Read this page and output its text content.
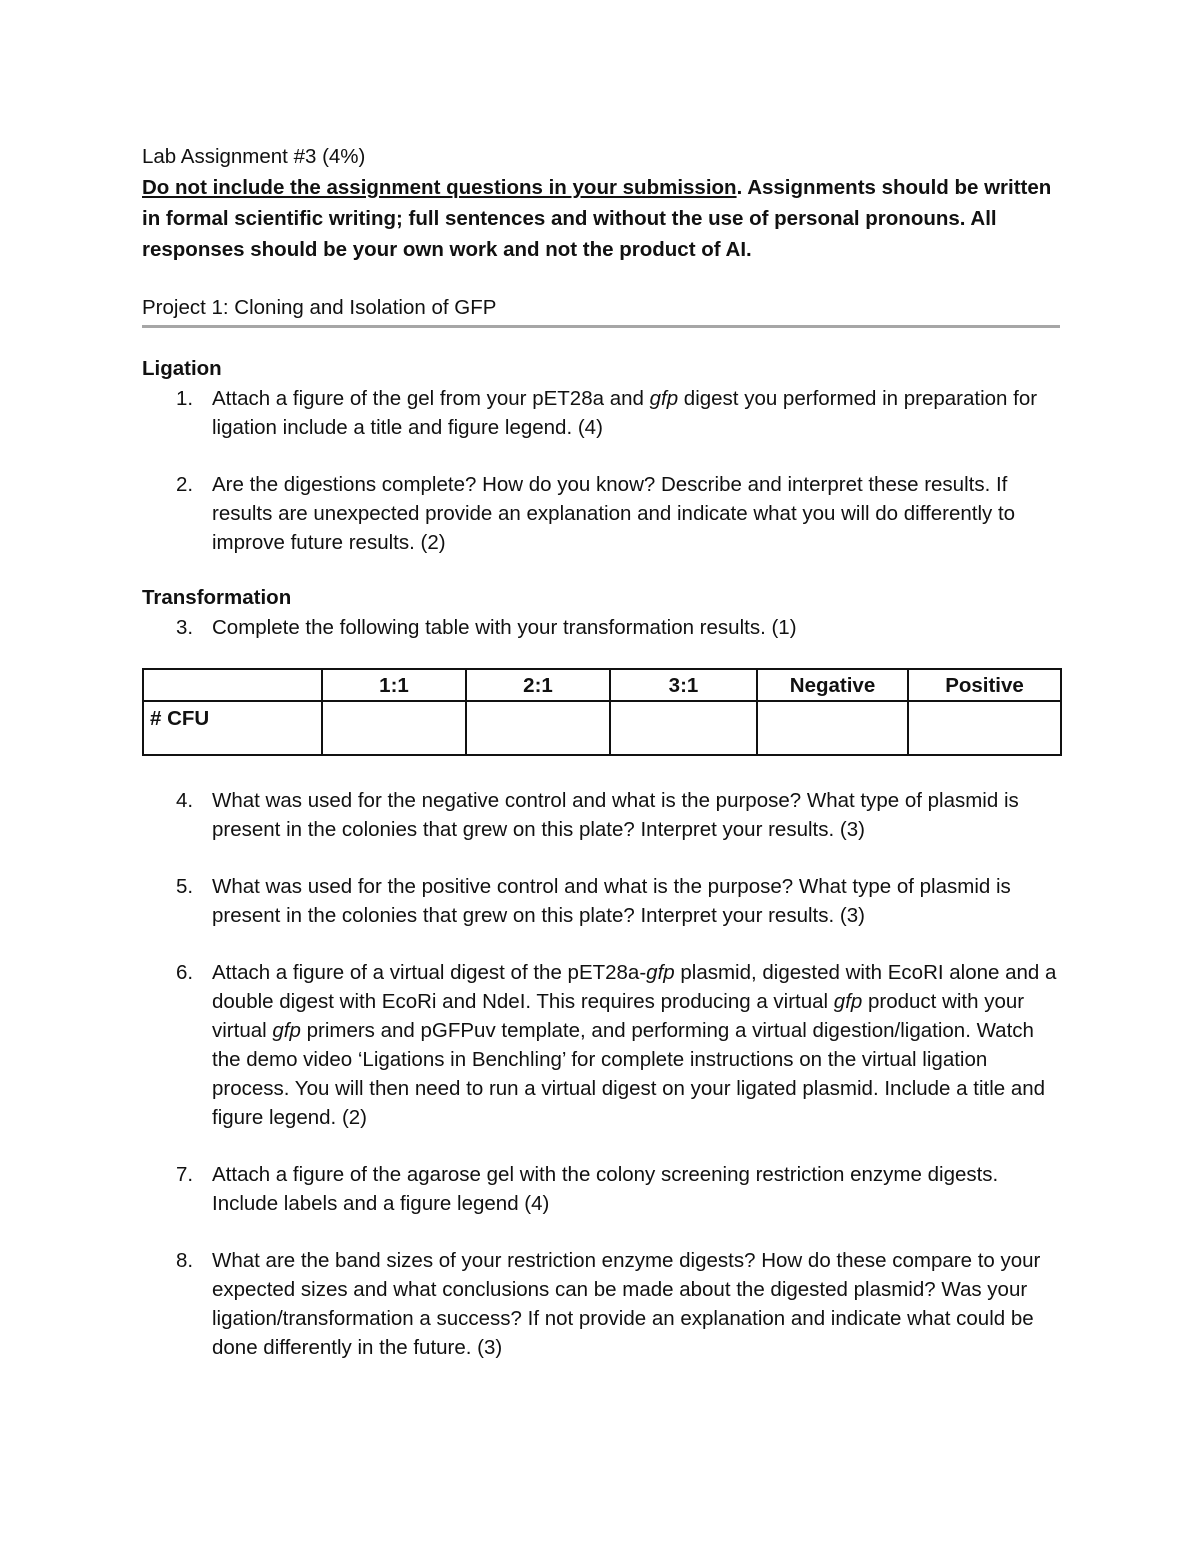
Lab Assignment #3 (4%)

Do not include the assignment questions in your submission. Assignments should be written in formal scientific writing; full sentences and without the use of personal pronouns. All responses should be your own work and not the product of AI.

Project 1: Cloning and Isolation of GFP
Ligation
1. Attach a figure of the gel from your pET28a and gfp digest you performed in preparation for ligation include a title and figure legend. (4)
2. Are the digestions complete? How do you know? Describe and interpret these results. If results are unexpected provide an explanation and indicate what you will do differently to improve future results. (2)
Transformation
3. Complete the following table with your transformation results. (1)
	1:1	2:1	3:1	Negative	Positive
# CFU					
4. What was used for the negative control and what is the purpose? What type of plasmid is present in the colonies that grew on this plate? Interpret your results. (3)
5. What was used for the positive control and what is the purpose? What type of plasmid is present in the colonies that grew on this plate? Interpret your results. (3)
6. Attach a figure of a virtual digest of the pET28a-gfp plasmid, digested with EcoRI alone and a double digest with EcoRi and NdeI. This requires producing a virtual gfp product with your virtual gfp primers and pGFPuv template, and performing a virtual digestion/ligation. Watch the demo video ‘Ligations in Benchling’ for complete instructions on the virtual ligation process. You will then need to run a virtual digest on your ligated plasmid. Include a title and figure legend. (2)
7. Attach a figure of the agarose gel with the colony screening restriction enzyme digests. Include labels and a figure legend (4)
8. What are the band sizes of your restriction enzyme digests? How do these compare to your expected sizes and what conclusions can be made about the digested plasmid? Was your ligation/transformation a success? If not provide an explanation and indicate what could be done differently in the future. (3)
